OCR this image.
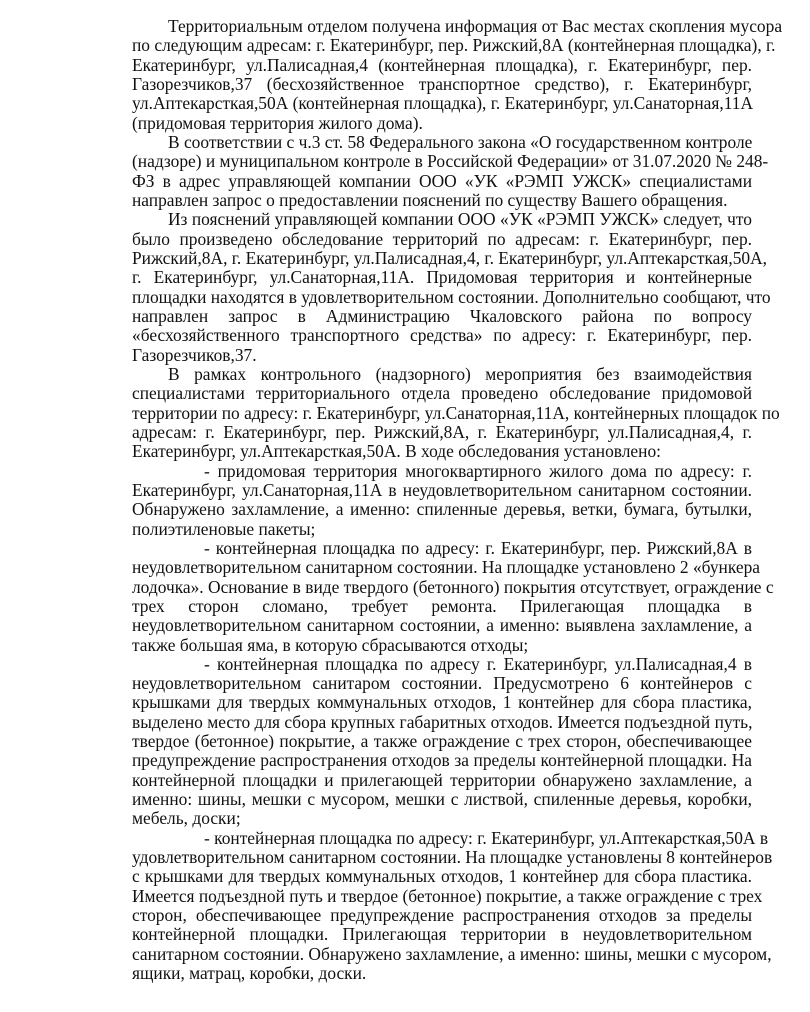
Территориальным отделом получена информация от Вас местах скопления мусора
по следующим адресам: г. Екатеринбург, пер. Рижский,8А (контейнерная площадка), г.
Екатеринбург, ул.Палисадная,4 (контейнерная площадка), г. Екатеринбург, пер.
Газорезчиков,37 (бесхозяйственное транспортное средство), г. Екатеринбург,
ул.Аптекарсткая,50А (контейнерная площадка), г. Екатеринбург, ул.Санаторная,11А
(придомовая территория жилого дома).
В соответствии с ч.3 ст. 58 Федерального закона «О государственном контроле
(надзоре) и муниципальном контроле в Российской Федерации» от 31.07.2020 № 248-
ФЗ в адрес управляющей компании ООО «УК «РЭМП УЖСК» специалистами
направлен запрос о предоставлении пояснений по существу Вашего обращения.
Из пояснений управляющей компании ООО «УК «РЭМП УЖСК» следует, что
было произведено обследование территорий по адресам: г. Екатеринбург, пер.
Рижский,8А, г. Екатеринбург, ул.Палисадная,4, г. Екатеринбург, ул.Аптекарсткая,50А,
г. Екатеринбург, ул.Санаторная,11А. Придомовая территория и контейнерные
площадки находятся в удовлетворительном состоянии. Дополнительно сообщают, что
направлен запрос в Администрацию Чкаловского района по вопросу
«бесхозяйственного транспортного средства» по адресу: г. Екатеринбург, пер.
Газорезчиков,37.
В рамках контрольного (надзорного) мероприятия без взаимодействия
специалистами территориального отдела проведено обследование придомовой
территории по адресу: г. Екатеринбург, ул.Санаторная,11А, контейнерных площадок по
адресам: г. Екатеринбург, пер. Рижский,8А, г. Екатеринбург, ул.Палисадная,4, г.
Екатеринбург, ул.Аптекарсткая,50А. В ходе обследования установлено:
- придомовая территория многоквартирного жилого дома по адресу: г.
Екатеринбург, ул.Санаторная,11А в неудовлетворительном санитарном состоянии.
Обнаружено захламление, а именно: спиленные деревья, ветки, бумага, бутылки,
полиэтиленовые пакеты;
- контейнерная площадка по адресу: г. Екатеринбург, пер. Рижский,8А в
неудовлетворительном санитарном состоянии. На площадке установлено 2 «бункера
лодочка». Основание в виде твердого (бетонного) покрытия отсутствует, ограждение с
трех сторон сломано, требует ремонта. Прилегающая площадка в
неудовлетворительном санитарном состоянии, а именно: выявлена захламление, а
также большая яма, в которую сбрасываются отходы;
- контейнерная площадка по адресу г. Екатеринбург, ул.Палисадная,4 в
неудовлетворительном санитаром состоянии. Предусмотрено 6 контейнеров с
крышками для твердых коммунальных отходов, 1 контейнер для сбора пластика,
выделено место для сбора крупных габаритных отходов. Имеется подъездной путь,
твердое (бетонное) покрытие, а также ограждение с трех сторон, обеспечивающее
предупреждение распространения отходов за пределы контейнерной площадки. На
контейнерной площадки и прилегающей территории обнаружено захламление, а
именно: шины, мешки с мусором, мешки с листвой, спиленные деревья, коробки,
мебель, доски;
- контейнерная площадка по адресу: г. Екатеринбург, ул.Аптекарсткая,50А в
удовлетворительном санитарном состоянии. На площадке установлены 8 контейнеров
с крышками для твердых коммунальных отходов, 1 контейнер для сбора пластика.
Имеется подъездной путь и твердое (бетонное) покрытие, а также ограждение с трех
сторон, обеспечивающее предупреждение распространения отходов за пределы
контейнерной площадки. Прилегающая территории в неудовлетворительном
санитарном состоянии. Обнаружено захламление, а именно: шины, мешки с мусором,
ящики, матрац, коробки, доски.
